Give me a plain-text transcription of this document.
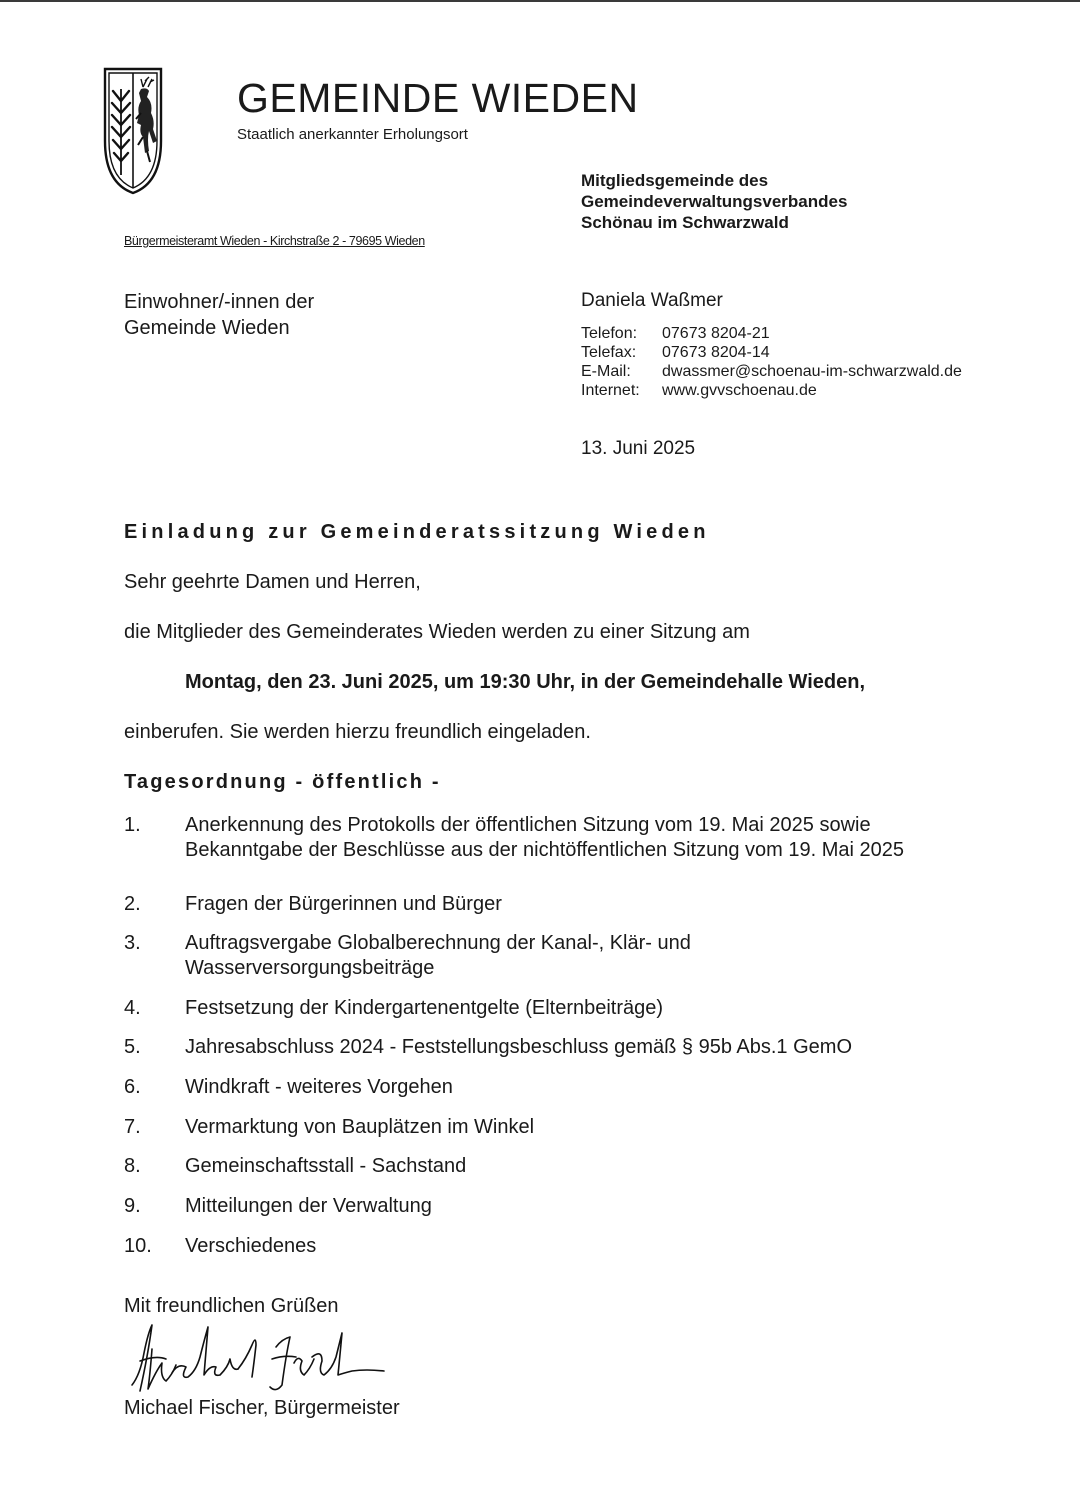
GEMEINDE WIEDEN
Staatlich anerkannter Erholungsort
Mitgliedsgemeinde des
Gemeindeverwaltungsverbandes
Schönau im Schwarzwald
Bürgermeisteramt Wieden - Kirchstraße 2 - 79695 Wieden
Einwohner/-innen der
Gemeinde Wieden
Daniela Waßmer
Telefon:	07673 8204-21
Telefax:	07673 8204-14
E-Mail:	dwassmer@schoenau-im-schwarzwald.de
Internet:	www.gvvschoenau.de
13. Juni 2025
Einladung zur Gemeinderatssitzung Wieden
Sehr geehrte Damen und Herren,
die Mitglieder des Gemeinderates Wieden werden zu einer Sitzung am
Montag, den 23. Juni 2025, um 19:30 Uhr, in der Gemeindehalle Wieden,
einberufen. Sie werden hierzu freundlich eingeladen.
Tagesordnung - öffentlich -
1.	Anerkennung des Protokolls der öffentlichen Sitzung vom 19. Mai 2025 sowie Bekanntgabe der Beschlüsse aus der nichtöffentlichen Sitzung vom 19. Mai 2025
2.	Fragen der Bürgerinnen und Bürger
3.	Auftragsvergabe Globalberechnung der Kanal-, Klär- und Wasserversorgungsbeiträge
4.	Festsetzung der Kindergartenentgelte (Elternbeiträge)
5.	Jahresabschluss 2024 - Feststellungsbeschluss gemäß § 95b Abs.1 GemO
6.	Windkraft - weiteres Vorgehen
7.	Vermarktung von Bauplätzen im Winkel
8.	Gemeinschaftsstall - Sachstand
9.	Mitteilungen der Verwaltung
10.	Verschiedenes
Mit freundlichen Grüßen
Michael Fischer, Bürgermeister
